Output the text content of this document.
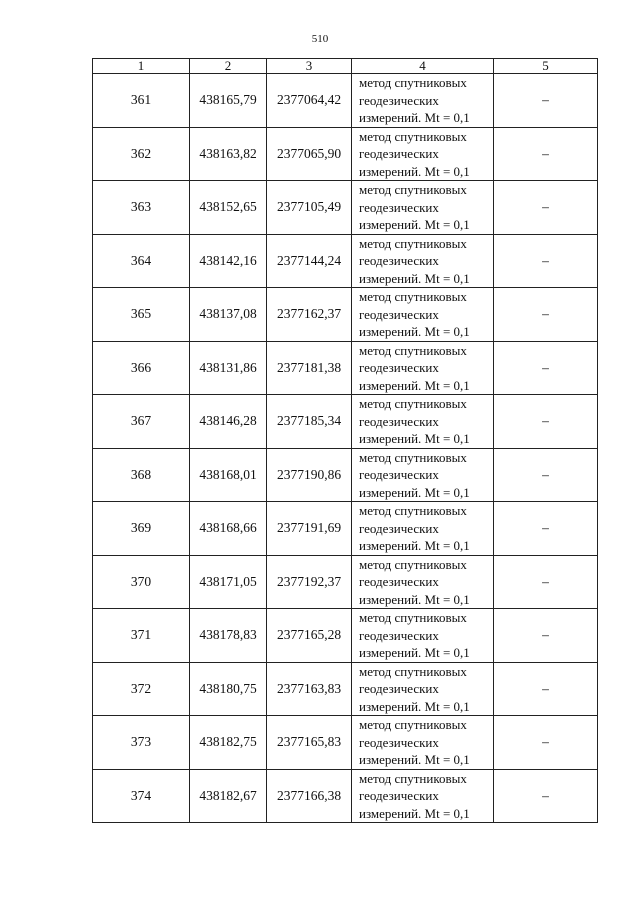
510
1	2	3	4	5
361	438165,79	2377064,42	метод спутниковых
геодезических
измерений. Mt = 0,1	–
362	438163,82	2377065,90	метод спутниковых
геодезических
измерений. Mt = 0,1	–
363	438152,65	2377105,49	метод спутниковых
геодезических
измерений. Mt = 0,1	–
364	438142,16	2377144,24	метод спутниковых
геодезических
измерений. Mt = 0,1	–
365	438137,08	2377162,37	метод спутниковых
геодезических
измерений. Mt = 0,1	–
366	438131,86	2377181,38	метод спутниковых
геодезических
измерений. Mt = 0,1	–
367	438146,28	2377185,34	метод спутниковых
геодезических
измерений. Mt = 0,1	–
368	438168,01	2377190,86	метод спутниковых
геодезических
измерений. Mt = 0,1	–
369	438168,66	2377191,69	метод спутниковых
геодезических
измерений. Mt = 0,1	–
370	438171,05	2377192,37	метод спутниковых
геодезических
измерений. Mt = 0,1	–
371	438178,83	2377165,28	метод спутниковых
геодезических
измерений. Mt = 0,1	–
372	438180,75	2377163,83	метод спутниковых
геодезических
измерений. Mt = 0,1	–
373	438182,75	2377165,83	метод спутниковых
геодезических
измерений. Mt = 0,1	–
374	438182,67	2377166,38	метод спутниковых
геодезических
измерений. Mt = 0,1	–
